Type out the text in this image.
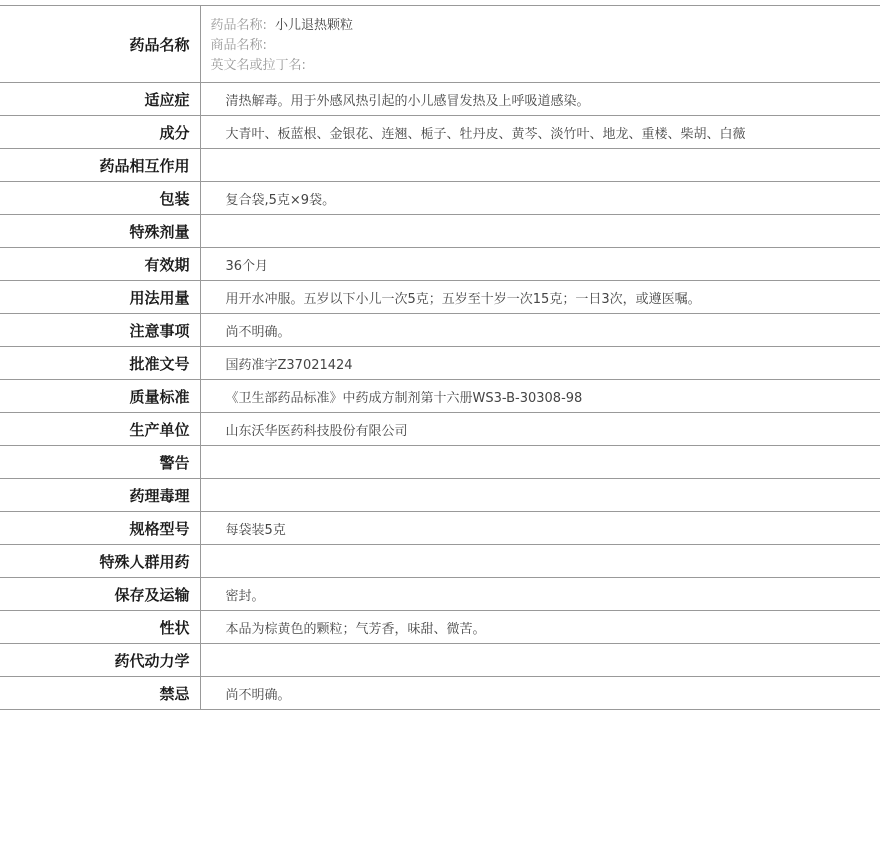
药品名称	药品名称: 小儿退热颗粒
商品名称:
英文名或拉丁名:

适应症	清热解毒。用于外感风热引起的小儿感冒发热及上呼吸道感染。
成分	大青叶、板蓝根、金银花、连翘、栀子、牡丹皮、黄芩、淡竹叶、地龙、重楼、柴胡、白薇
药品相互作用	
包装	复合袋,5克×9袋。
特殊剂量	
有效期	36个月
用法用量	用开水冲服。五岁以下小儿一次5克；五岁至十岁一次15克；一日3次，或遵医嘱。
注意事项	尚不明确。
批准文号	国药准字Z37021424
质量标准	《卫生部药品标准》中药成方制剂第十六册WS3-B-30308-98
生产单位	山东沃华医药科技股份有限公司
警告	
药理毒理	
规格型号	每袋装5克
特殊人群用药	
保存及运输	密封。
性状	本品为棕黄色的颗粒；气芳香，味甜、微苦。
药代动力学	
禁忌	尚不明确。
